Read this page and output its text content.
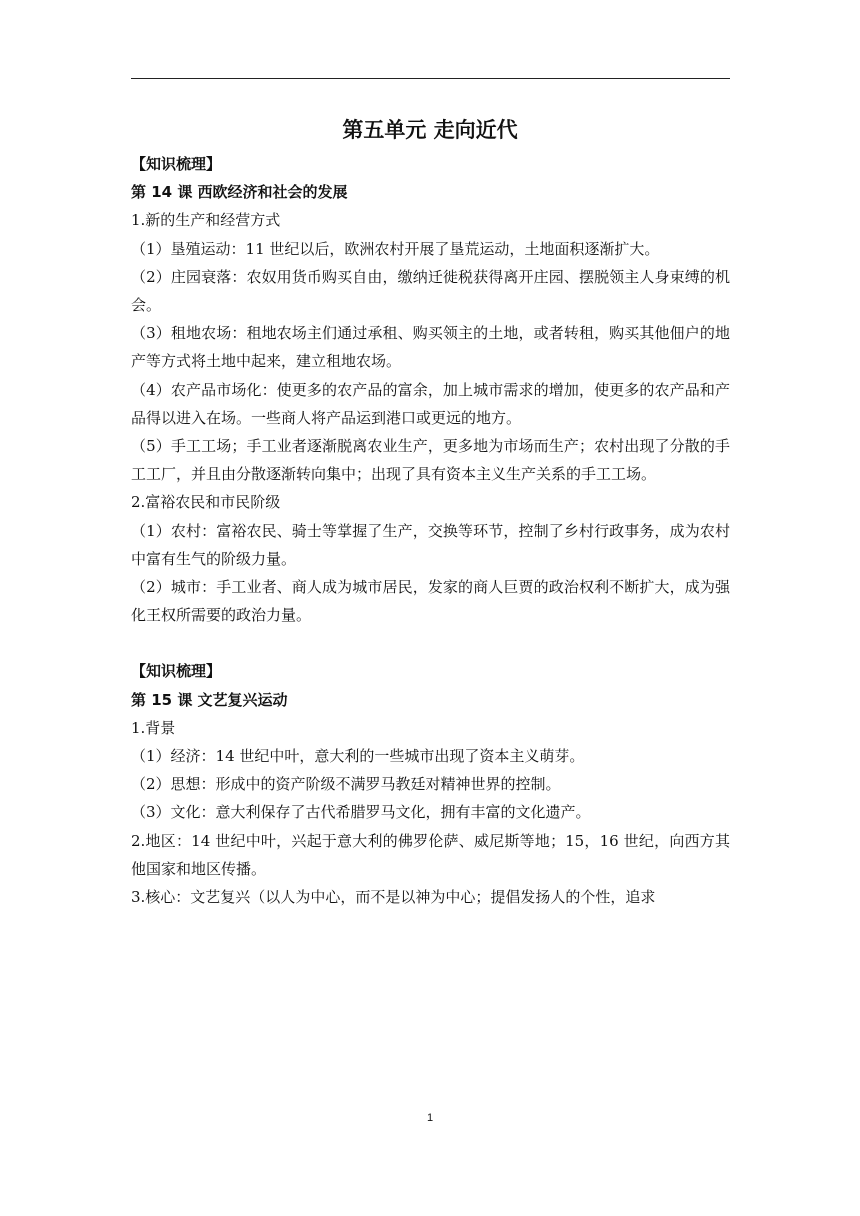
第五单元 走向近代

【知识梳理】

第 14 课 西欧经济和社会的发展

1.新的生产和经营方式

（1）垦殖运动：11 世纪以后，欧洲农村开展了垦荒运动，土地面积逐渐扩大。

（2）庄园衰落：农奴用货币购买自由，缴纳迁徙税获得离开庄园、摆脱领主人身束缚的机会。

（3）租地农场：租地农场主们通过承租、购买领主的土地，或者转租，购买其他佃户的地产等方式将土地中起来，建立租地农场。

（4）农产品市场化：使更多的农产品的富余，加上城市需求的增加，使更多的农产品和产品得以进入在场。一些商人将产品运到港口或更远的地方。

（5）手工工场；手工业者逐渐脱离农业生产，更多地为市场而生产；农村出现了分散的手工工厂，并且由分散逐渐转向集中；出现了具有资本主义生产关系的手工工场。

2.富裕农民和市民阶级

（1）农村：富裕农民、骑士等掌握了生产，交换等环节，控制了乡村行政事务，成为农村中富有生气的阶级力量。

（2）城市：手工业者、商人成为城市居民，发家的商人巨贾的政治权利不断扩大，成为强化王权所需要的政治力量。

【知识梳理】

第 15 课 文艺复兴运动

1.背景

（1）经济：14 世纪中叶，意大利的一些城市出现了资本主义萌芽。

（2）思想：形成中的资产阶级不满罗马教廷对精神世界的控制。

（3）文化：意大利保存了古代希腊罗马文化，拥有丰富的文化遗产。

2.地区：14 世纪中叶，兴起于意大利的佛罗伦萨、威尼斯等地；15，16 世纪，向西方其他国家和地区传播。

3.核心：文艺复兴（以人为中心，而不是以神为中心；提倡发扬人的个性，追求

1
